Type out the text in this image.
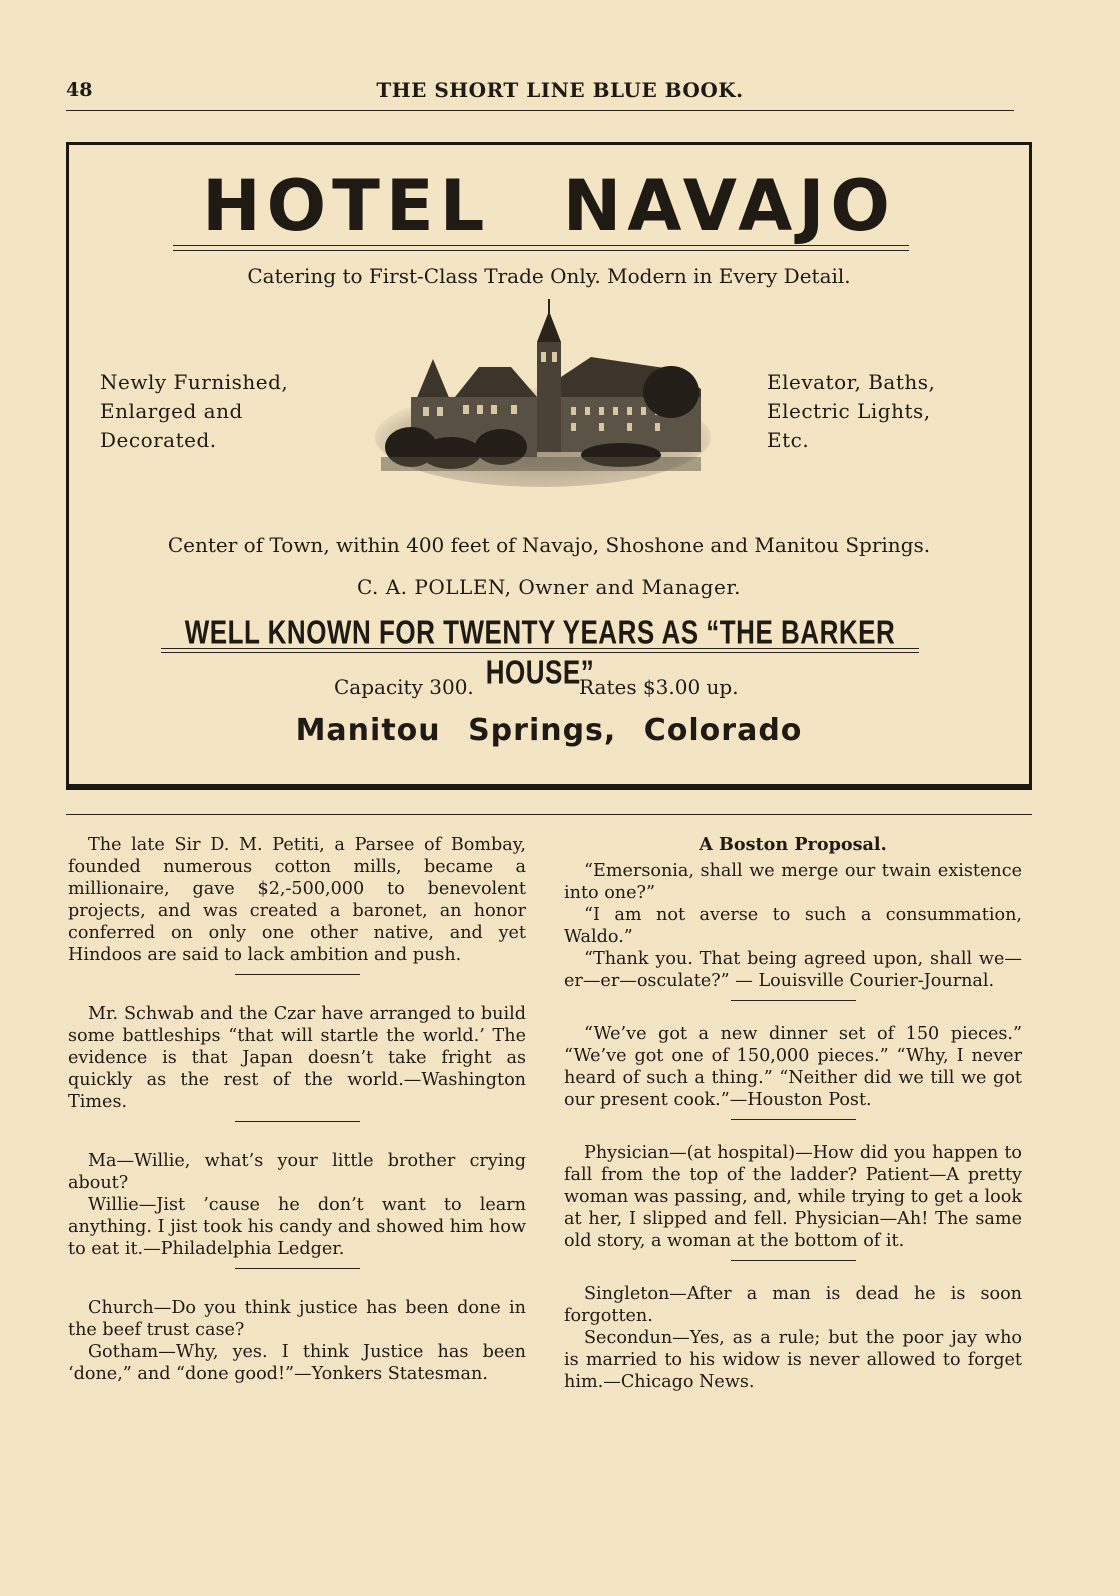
48	THE SHORT LINE BLUE BOOK.
HOTEL NAVAJO
Catering to First-Class Trade Only. Modern in Every Detail.
Newly Furnished,
Enlarged and
Decorated.
Elevator, Baths,
Electric Lights,
Etc.
Center of Town, within 400 feet of Navajo, Shoshone and Manitou Springs.
C. A. POLLEN, Owner and Manager.
WELL KNOWN FOR TWENTY YEARS AS “THE BARKER HOUSE”
Capacity 300.	Rates $3.00 up.
Manitou Springs, Colorado

The late Sir D. M. Petiti, a Parsee of Bombay, founded numerous cotton mills, became a millionaire, gave $2,-500,000 to benevolent projects, and was created a baronet, an honor conferred on only one other native, and yet Hindoos are said to lack ambition and push.

Mr. Schwab and the Czar have arranged to build some battleships “that will startle the world.’ The evidence is that Japan doesn’t take fright as quickly as the rest of the world.—Washington Times.

Ma—Willie, what’s your little brother crying about?

Willie—Jist ’cause he don’t want to learn anything. I jist took his candy and showed him how to eat it.—Philadelphia Ledger.

Church—Do you think justice has been done in the beef trust case?

Gotham—Why, yes. I think Justice has been ‘done,” and “done good!”—Yonkers Statesman.

A Boston Proposal.

“Emersonia, shall we merge our twain existence into one?”

“I am not averse to such a consummation, Waldo.”

“Thank you. That being agreed upon, shall we—er—er—osculate?” — Louisville Courier-Journal.

“We’ve got a new dinner set of 150 pieces.” “We’ve got one of 150,000 pieces.” “Why, I never heard of such a thing.” “Neither did we till we got our present cook.”—Houston Post.

Physician—(at hospital)—How did you happen to fall from the top of the ladder? Patient—A pretty woman was passing, and, while trying to get a look at her, I slipped and fell. Physician—Ah! The same old story, a woman at the bottom of it.

Singleton—After a man is dead he is soon forgotten.

Secondun—Yes, as a rule; but the poor jay who is married to his widow is never allowed to forget him.—Chicago News.
